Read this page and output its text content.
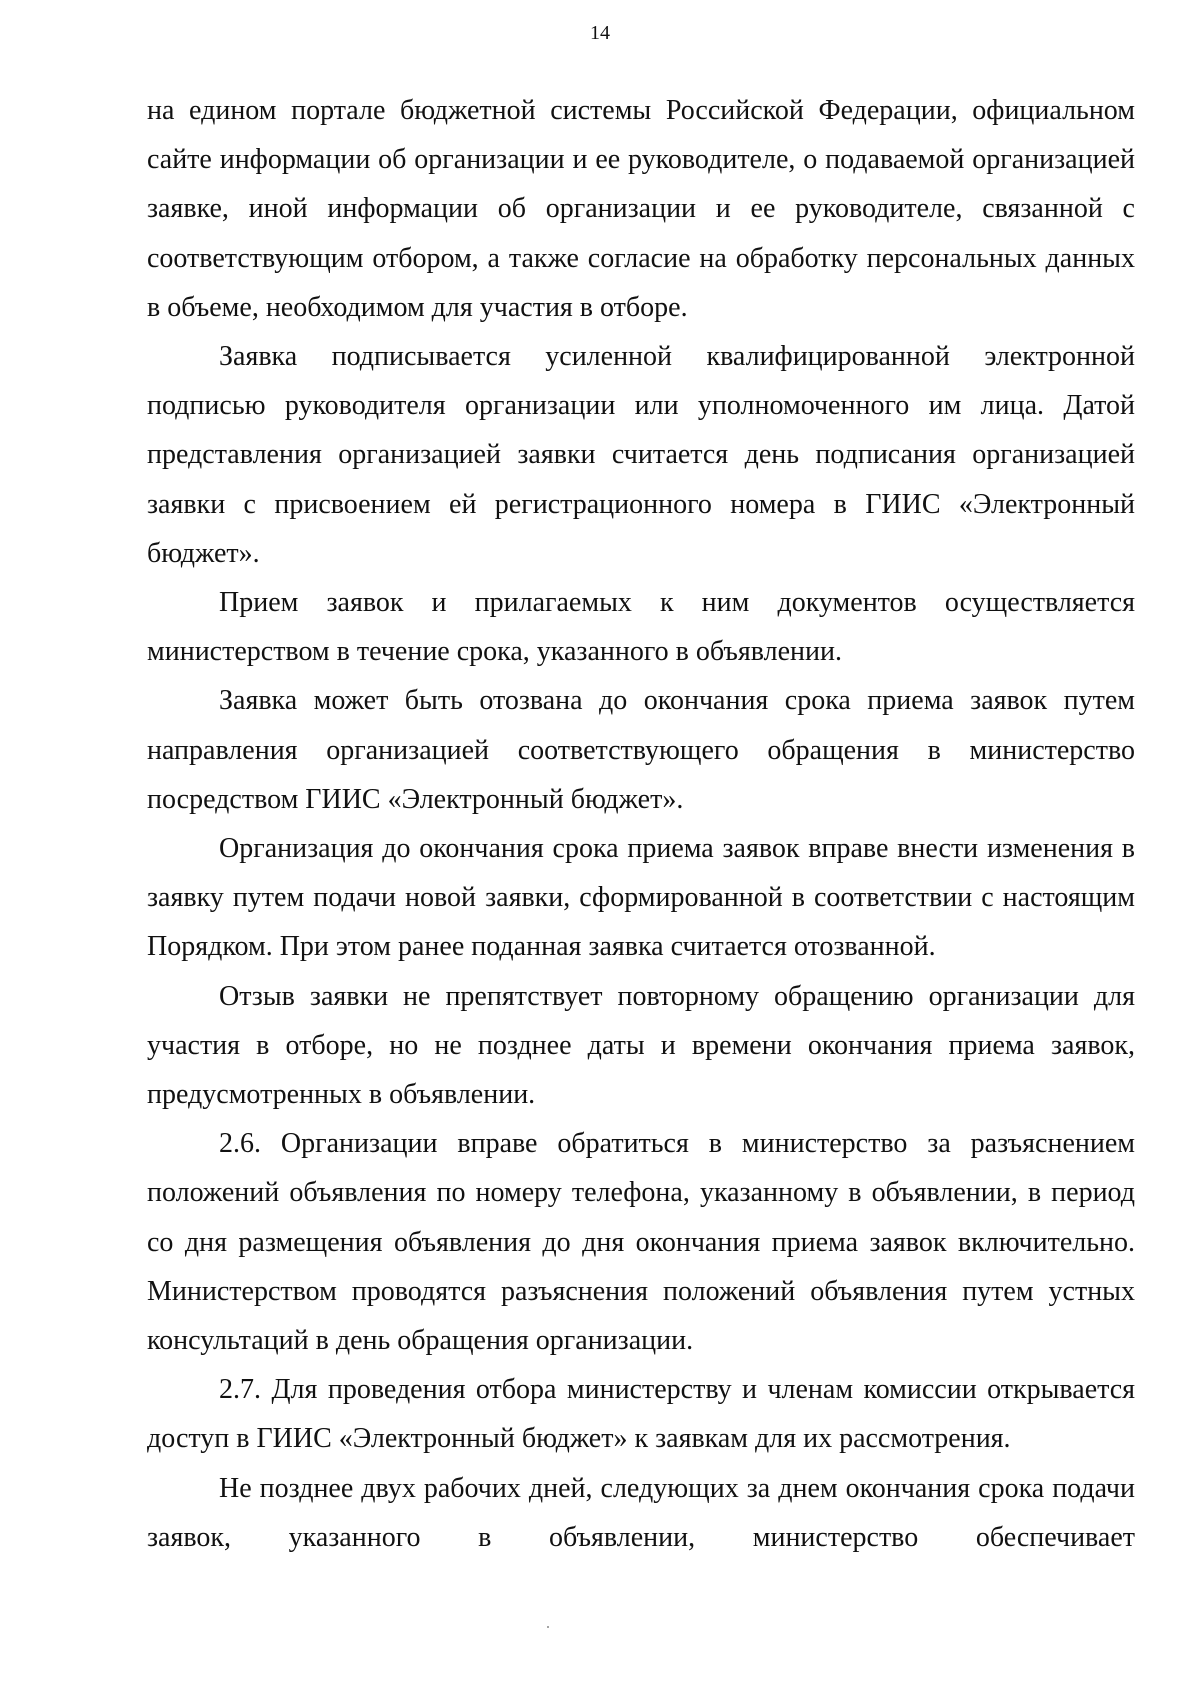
14

на едином портале бюджетной системы Российской Федерации, официальном сайте информации об организации и ее руководителе, о подаваемой организацией заявке, иной информации об организации и ее руководителе, связанной с соответствующим отбором, а также согласие на обработку персональных данных в объеме, необходимом для участия в отборе.

Заявка подписывается усиленной квалифицированной электронной подписью руководителя организации или уполномоченного им лица. Датой представления организацией заявки считается день подписания организацией заявки с присвоением ей регистрационного номера в ГИИС «Электронный бюджет».

Прием заявок и прилагаемых к ним документов осуществляется министерством в течение срока, указанного в объявлении.

Заявка может быть отозвана до окончания срока приема заявок путем направления организацией соответствующего обращения в министерство посредством ГИИС «Электронный бюджет».

Организация до окончания срока приема заявок вправе внести изменения в заявку путем подачи новой заявки, сформированной в соответствии с настоящим Порядком. При этом ранее поданная заявка считается отозванной.

Отзыв заявки не препятствует повторному обращению организации для участия в отборе, но не позднее даты и времени окончания приема заявок, предусмотренных в объявлении.

2.6. Организации вправе обратиться в министерство за разъяснением положений объявления по номеру телефона, указанному в объявлении, в период со дня размещения объявления до дня окончания приема заявок включительно. Министерством проводятся разъяснения положений объявления путем устных консультаций в день обращения организации.

2.7. Для проведения отбора министерству и членам комиссии открывается доступ в ГИИС «Электронный бюджет» к заявкам для их рассмотрения.

Не позднее двух рабочих дней, следующих за днем окончания срока подачи заявок, указанного в объявлении, министерство обеспечивает
